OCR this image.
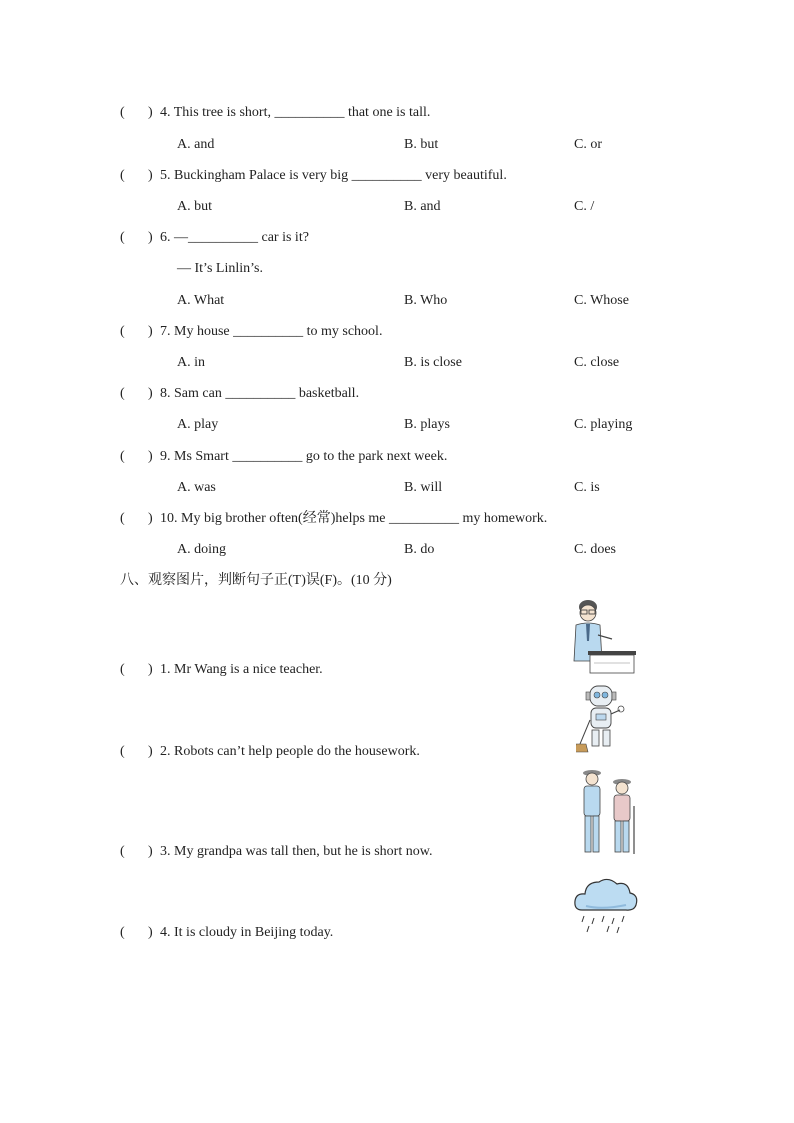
( ) 4. This tree is short, __________ that one is tall.
A. and	B. but	C. or
( ) 5. Buckingham Palace is very big __________ very beautiful.
A. but	B. and	C. /
( ) 6. —__________ car is it?
— It’s Linlin’s.
A. What	B. Who	C. Whose
( ) 7. My house __________ to my school.
A. in	B. is close	C. close
( ) 8. Sam can __________ basketball.
A. play	B. plays	C. playing
( ) 9. Ms Smart __________ go to the park next week.
A. was	B. will	C. is
( ) 10. My big brother often(经常)helps me __________ my homework.
A. doing	B. do	C. does
八、观察图片，判断句子正(T)误(F)。(10 分)
( ) 1. Mr Wang is a nice teacher.
( ) 2. Robots can’t help people do the housework.
( ) 3. My grandpa was tall then, but he is short now.
( ) 4. It is cloudy in Beijing today.
